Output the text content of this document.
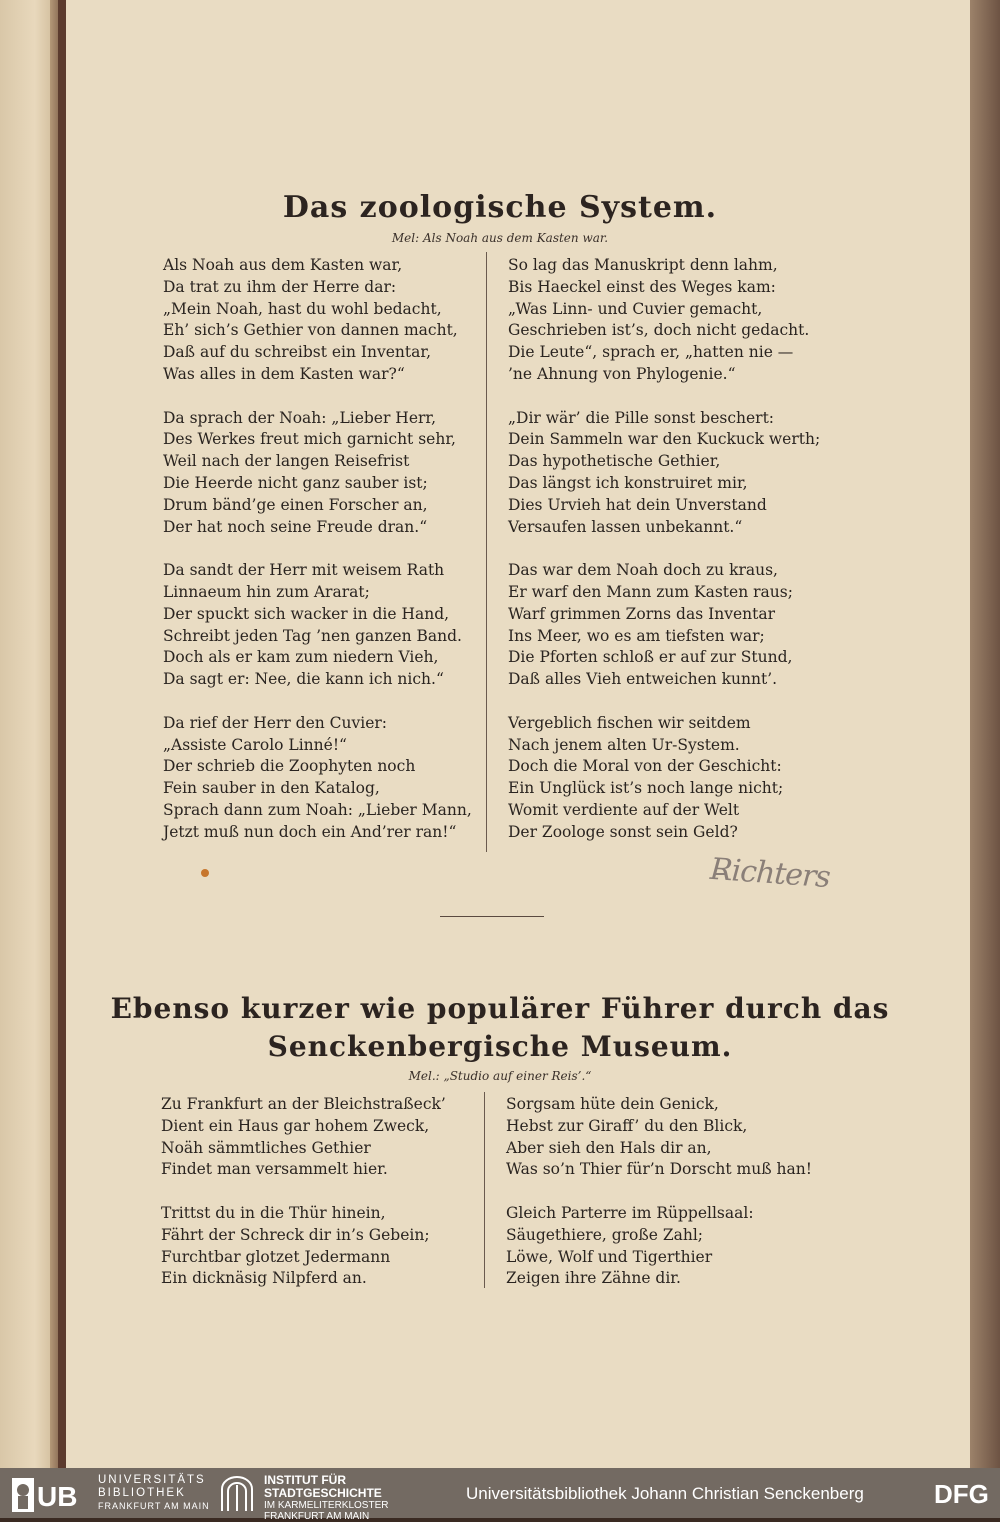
Das zoologische System.
Mel: Als Noah aus dem Kasten war.
Als Noah aus dem Kasten war,
Da trat zu ihm der Herre dar:
„Mein Noah, hast du wohl bedacht,
Eh’ sich’s Gethier von dannen macht,
Daß auf du schreibst ein Inventar,
Was alles in dem Kasten war?“
Da sprach der Noah: „Lieber Herr,
Des Werkes freut mich garnicht sehr,
Weil nach der langen Reisefrist
Die Heerde nicht ganz sauber ist;
Drum bänd’ge einen Forscher an,
Der hat noch seine Freude dran.“
Da sandt der Herr mit weisem Rath
Linnaeum hin zum Ararat;
Der spuckt sich wacker in die Hand,
Schreibt jeden Tag ’nen ganzen Band.
Doch als er kam zum niedern Vieh,
Da sagt er: Nee, die kann ich nich.“
Da rief der Herr den Cuvier:
„Assiste Carolo Linné!“
Der schrieb die Zoophyten noch
Fein sauber in den Katalog,
Sprach dann zum Noah: „Lieber Mann,
Jetzt muß nun doch ein And’rer ran!“
So lag das Manuskript denn lahm,
Bis Haeckel einst des Weges kam:
„Was Linn- und Cuvier gemacht,
Geschrieben ist’s, doch nicht gedacht.
Die Leute“, sprach er, „hatten nie —
’ne Ahnung von Phylogenie.“
„Dir wär’ die Pille sonst beschert:
Dein Sammeln war den Kuckuck werth;
Das hypothetische Gethier,
Das längst ich konstruiret mir,
Dies Urvieh hat dein Unverstand
Versaufen lassen unbekannt.“
Das war dem Noah doch zu kraus,
Er warf den Mann zum Kasten raus;
Warf grimmen Zorns das Inventar
Ins Meer, wo es am tiefsten war;
Die Pforten schloß er auf zur Stund,
Daß alles Vieh entweichen kunnt’.
Vergeblich fischen wir seitdem
Nach jenem alten Ur-System.
Doch die Moral von der Geschicht:
Ein Unglück ist’s noch lange nicht;
Womit verdiente auf der Welt
Der Zoologe sonst sein Geld?
Richters
Ebenso kurzer wie populärer Führer durch das
Senckenbergische Museum.
Mel.: „Studio auf einer Reis’.“
Zu Frankfurt an der Bleichstraßeck’
Dient ein Haus gar hohem Zweck,
Noäh sämmtliches Gethier
Findet man versammelt hier.
Trittst du in die Thür hinein,
Fährt der Schreck dir in’s Gebein;
Furchtbar glotzet Jedermann
Ein dicknäsig Nilpferd an.
Sorgsam hüte dein Genick,
Hebst zur Giraff’ du den Blick,
Aber sieh den Hals dir an,
Was so’n Thier für’n Dorscht muß han!
Gleich Parterre im Rüppellsaal:
Säugethiere, große Zahl;
Löwe, Wolf und Tigerthier
Zeigen ihre Zähne dir.
UB
UNIVERSITÄTS
BIBLIOTHEK
FRANKFURT AM MAIN
INSTITUT FÜR
STADTGESCHICHTE
IM KARMELITERKLOSTER
FRANKFURT AM MAIN
Universitätsbibliothek Johann Christian Senckenberg	DFG
